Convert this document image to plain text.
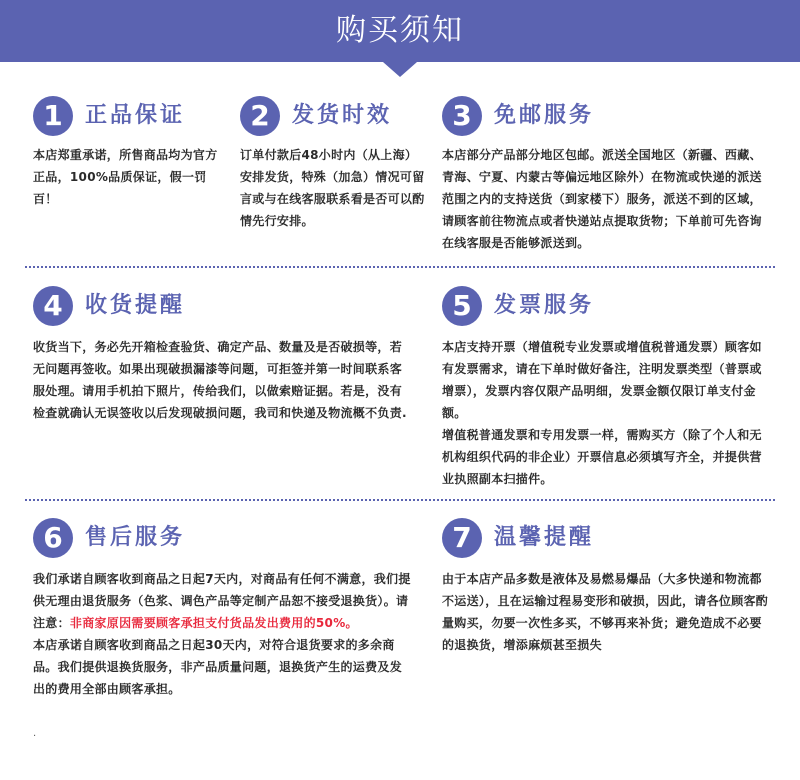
购买须知
1	正品保证

本店郑重承诺，所售商品均为官方正品，100%品质保证，假一罚百！

2	发货时效

订单付款后48小时内（从上海）安排发货，特殊（加急）情况可留言或与在线客服联系看是否可以酌情先行安排。

3	免邮服务

本店部分产品部分地区包邮。派送全国地区（新疆、西藏、青海、宁夏、内蒙古等偏远地区除外）在物流或快递的派送范围之内的支持送货（到家楼下）服务，派送不到的区域，请顾客前往物流点或者快递站点提取货物；下单前可先咨询在线客服是否能够派送到。

4	收货提醒

收货当下，务必先开箱检查验货、确定产品、数量及是否破损等，若无问题再签收。如果出现破损漏漆等问题，可拒签并第一时间联系客服处理。请用手机拍下照片，传给我们，以做索赔证据。若是，没有检查就确认无误签收以后发现破损问题，我司和快递及物流概不负责.

5	发票服务

本店支持开票（增值税专业发票或增值税普通发票）顾客如有发票需求，请在下单时做好备注，注明发票类型（普票或增票），发票内容仅限产品明细，发票金额仅限订单支付金额。

增值税普通发票和专用发票一样，需购买方（除了个人和无机构组织代码的非企业）开票信息必须填写齐全，并提供营业执照副本扫描件。

6	售后服务

我们承诺自顾客收到商品之日起7天内，对商品有任何不满意，我们提供无理由退货服务（色浆、调色产品等定制产品恕不接受退换货）。请注意：非商家原因需要顾客承担支付货品发出费用的50%。

本店承诺自顾客收到商品之日起30天内，对符合退货要求的多余商品。我们提供退换货服务，非产品质量问题，退换货产生的运费及发出的费用全部由顾客承担。

7	温馨提醒

由于本店产品多数是液体及易燃易爆品（大多快递和物流都不运送），且在运输过程易变形和破损，因此，请各位顾客酌量购买，勿要一次性多买，不够再来补货；避免造成不必要的退换货，增添麻烦甚至损失

.
